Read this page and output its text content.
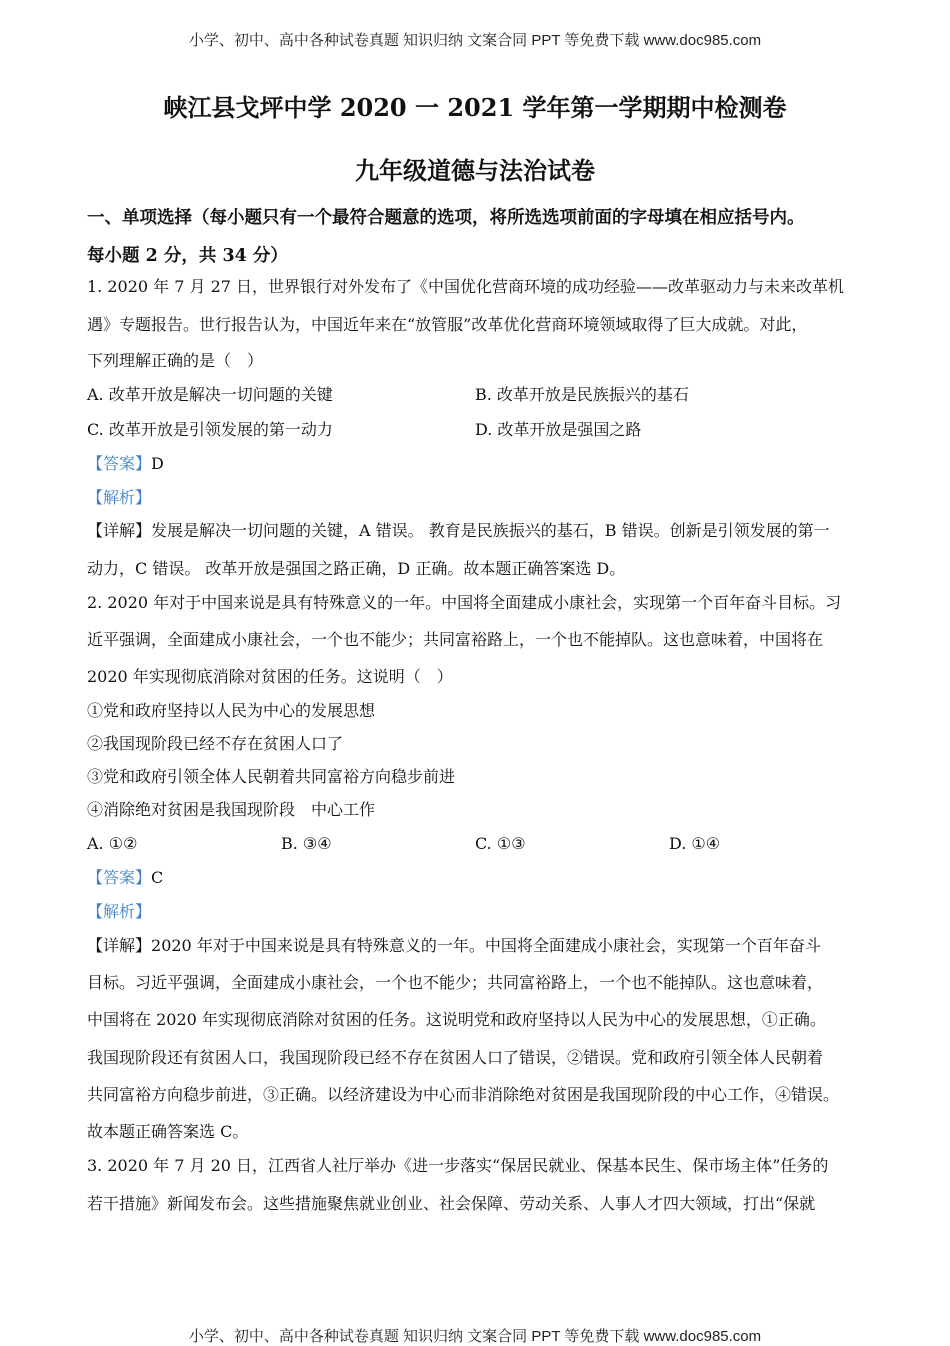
小学、初中、高中各种试卷真题 知识归纳 文案合同 PPT 等免费下载 www.doc985.com
峡江县戈坪中学 2020 一 2021 学年第一学期期中检测卷
九年级道德与法治试卷
一、单项选择（每小题只有一个最符合题意的选项，将所选选项前面的字母填在相应括号内。
每小题 2 分，共 34 分）
1. 2020 年 7 月 27 日，世界银行对外发布了《中国优化营商环境的成功经验——改革驱动力与未来改革机
遇》专题报告。世行报告认为，中国近年来在“放管服”改革优化营商环境领域取得了巨大成就。对此，
下列理解正确的是（　）
A. 改革开放是解决一切问题的关键	B. 改革开放是民族振兴的基石
C. 改革开放是引领发展的第一动力	D. 改革开放是强国之路
【答案】D
【解析】
【详解】发展是解决一切问题的关键，A 错误。 教育是民族振兴的基石，B 错误。创新是引领发展的第一
动力，C 错误。 改革开放是强国之路正确，D 正确。故本题正确答案选 D。
2. 2020 年对于中国来说是具有特殊意义的一年。中国将全面建成小康社会，实现第一个百年奋斗目标。习
近平强调，全面建成小康社会，一个也不能少；共同富裕路上，一个也不能掉队。这也意味着，中国将在
2020 年实现彻底消除对贫困的任务。这说明（　）
①党和政府坚持以人民为中心的发展思想
②我国现阶段已经不存在贫困人口了
③党和政府引领全体人民朝着共同富裕方向稳步前进
④消除绝对贫困是我国现阶段　中心工作
A. ①②	B. ③④	C. ①③	D. ①④
【答案】C
【解析】
【详解】2020 年对于中国来说是具有特殊意义的一年。中国将全面建成小康社会，实现第一个百年奋斗
目标。习近平强调，全面建成小康社会，一个也不能少；共同富裕路上，一个也不能掉队。这也意味着，
中国将在 2020 年实现彻底消除对贫困的任务。这说明党和政府坚持以人民为中心的发展思想，①正确。
我国现阶段还有贫困人口，我国现阶段已经不存在贫困人口了错误，②错误。党和政府引领全体人民朝着
共同富裕方向稳步前进，③正确。以经济建设为中心而非消除绝对贫困是我国现阶段的中心工作，④错误。
故本题正确答案选 C。
3. 2020 年 7 月 20 日，江西省人社厅举办《进一步落实“保居民就业、保基本民生、保市场主体”任务的
若干措施》新闻发布会。这些措施聚焦就业创业、社会保障、劳动关系、人事人才四大领域，打出“保就
小学、初中、高中各种试卷真题 知识归纳 文案合同 PPT 等免费下载 www.doc985.com
